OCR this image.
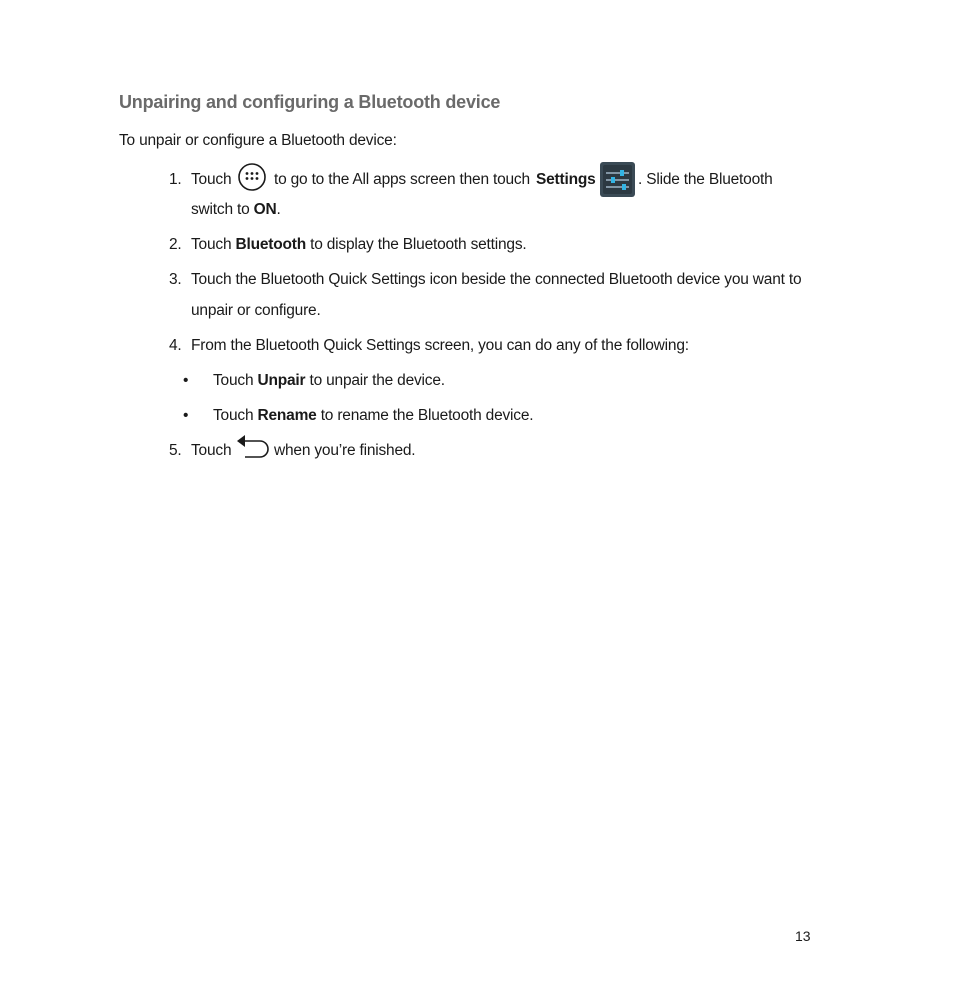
Unpairing and configuring a Bluetooth device
To unpair or configure a Bluetooth device:
1. Touch	to go to the All apps screen then touch Settings	. Slide the Bluetooth
switch to ON.
2. Touch Bluetooth to display the Bluetooth settings.
3. Touch the Bluetooth Quick Settings icon beside the connected Bluetooth device you want to
unpair or configure.
4. From the Bluetooth Quick Settings screen, you can do any of the following:
• Touch Unpair to unpair the device.
• Touch Rename to rename the Bluetooth device.
5. Touch	when you’re finished.
13
